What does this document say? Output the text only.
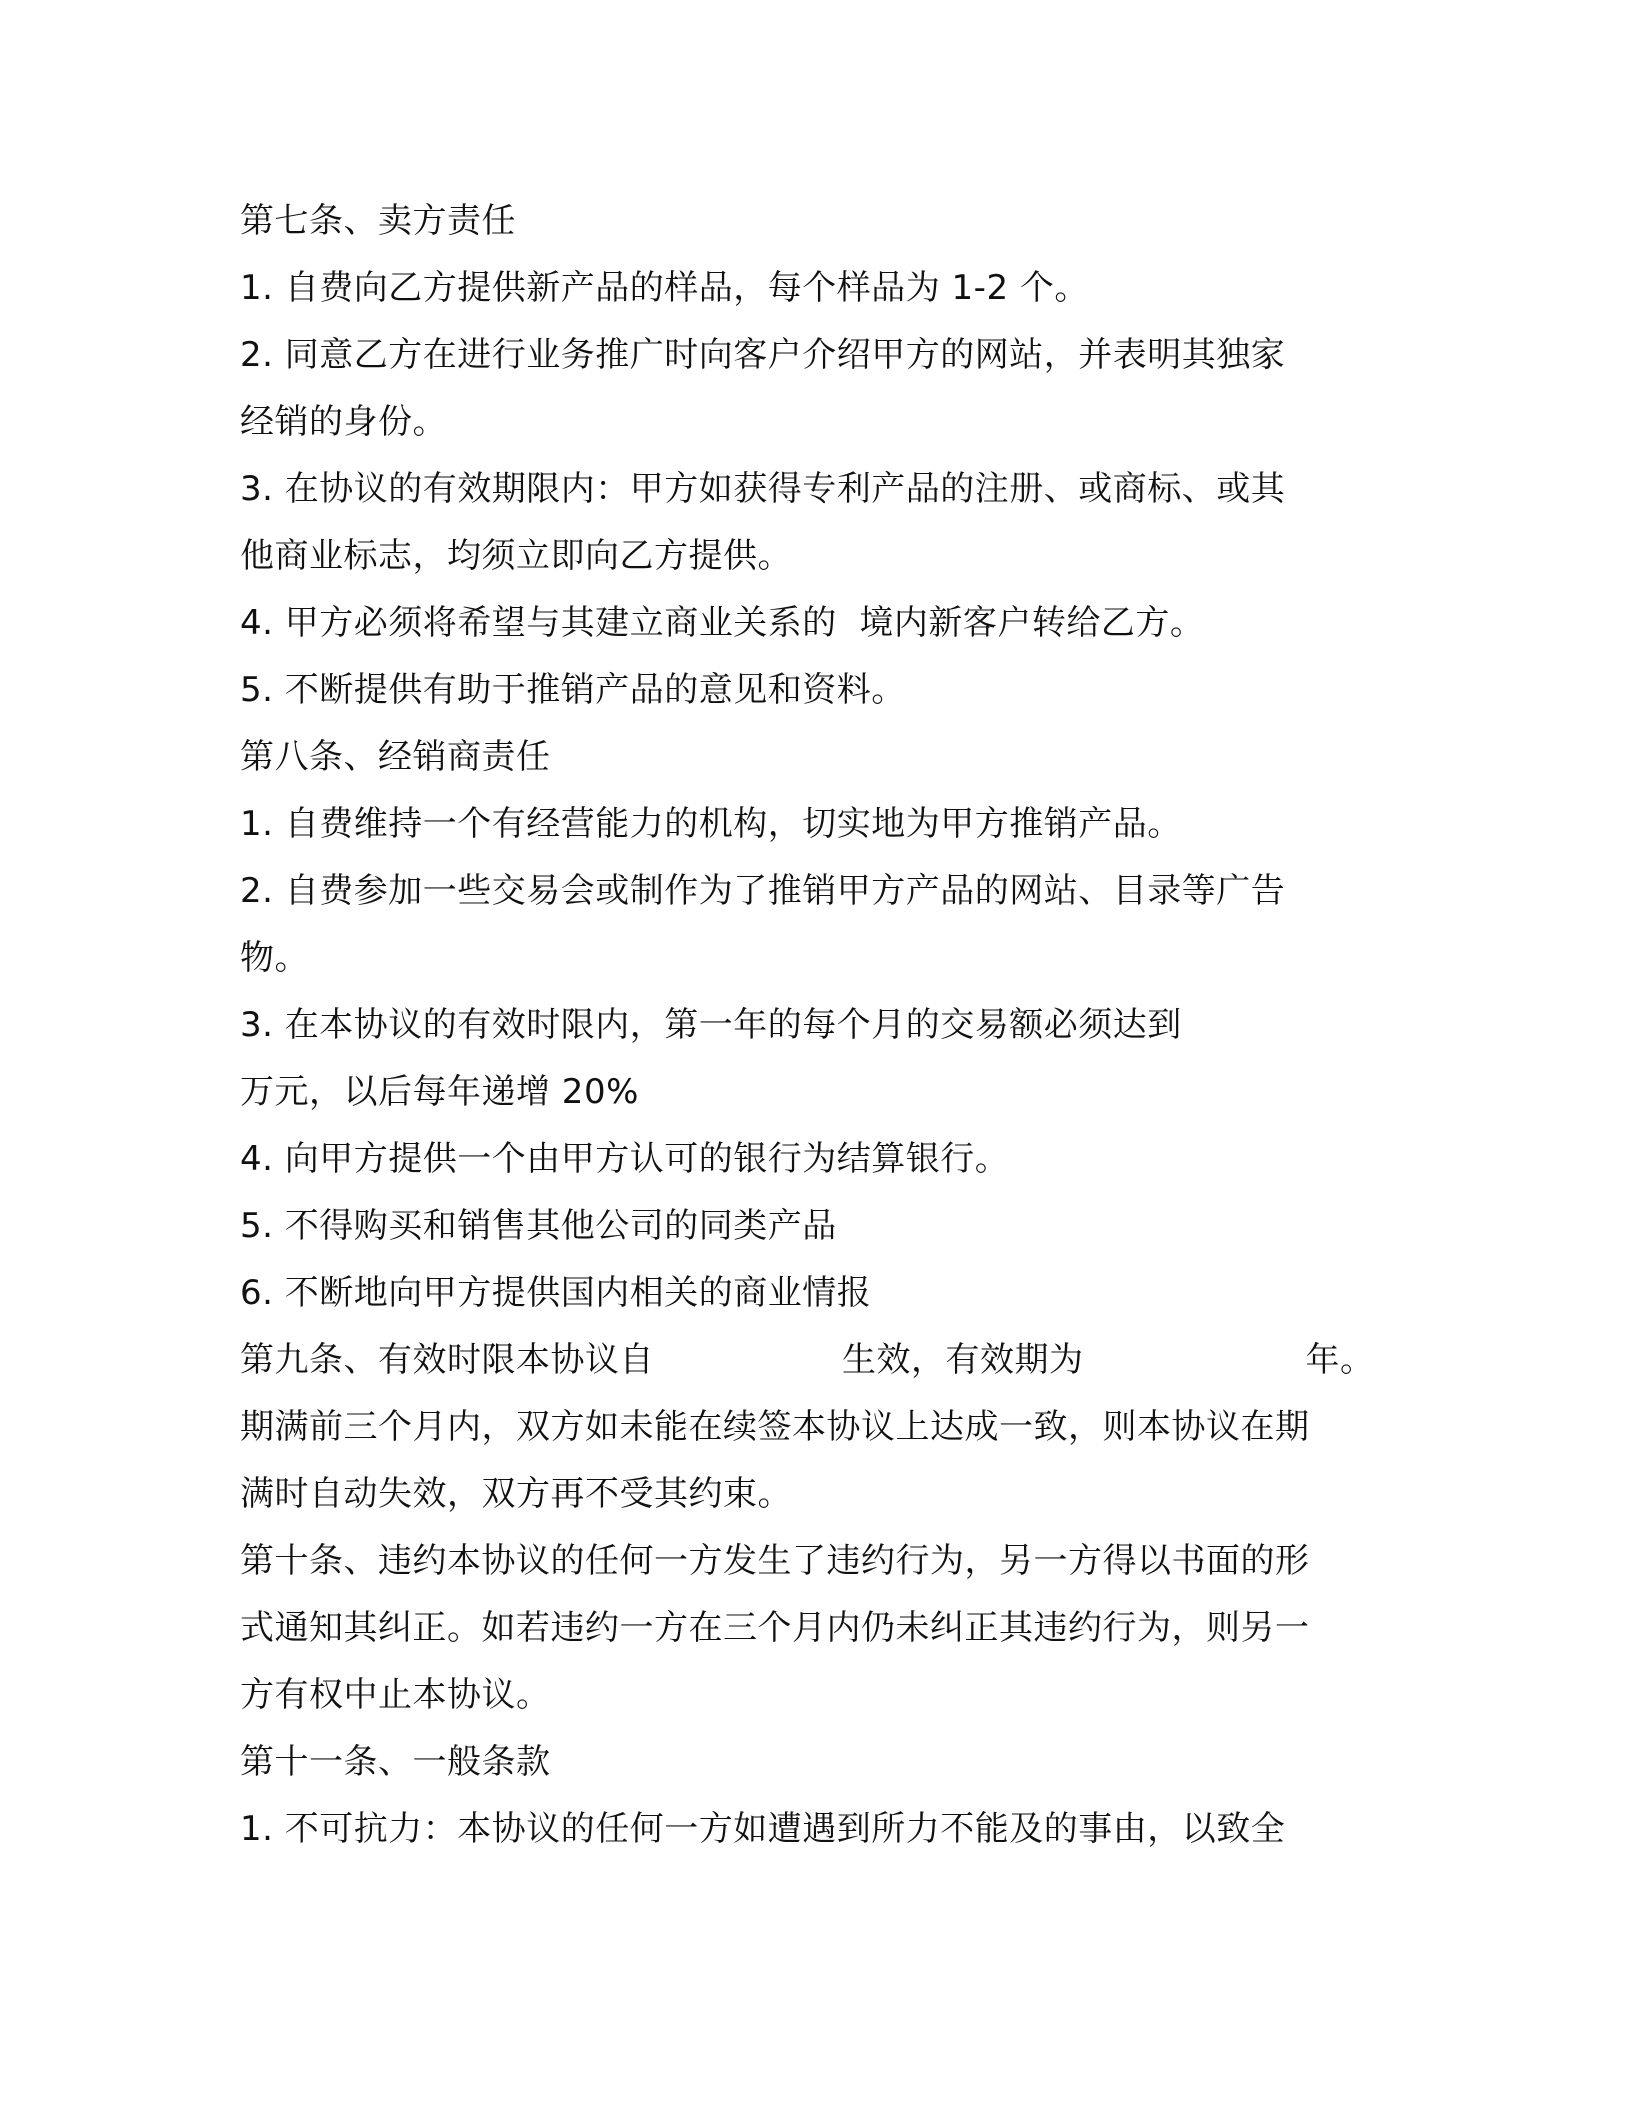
第七条、卖方责任
1. 自费向乙方提供新产品的样品，每个样品为 1-2 个。
2. 同意乙方在进行业务推广时向客户介绍甲方的网站，并表明其独家
经销的身份。
3. 在协议的有效期限内：甲方如获得专利产品的注册、或商标、或其
他商业标志，均须立即向乙方提供。
4. 甲方必须将希望与其建立商业关系的  境内新客户转给乙方。
5. 不断提供有助于推销产品的意见和资料。
第八条、经销商责任
1. 自费维持一个有经营能力的机构，切实地为甲方推销产品。
2. 自费参加一些交易会或制作为了推销甲方产品的网站、目录等广告
物。
3. 在本协议的有效时限内，第一年的每个月的交易额必须达到
万元，以后每年递增 20%
4. 向甲方提供一个由甲方认可的银行为结算银行。
5. 不得购买和销售其他公司的同类产品
6. 不断地向甲方提供国内相关的商业情报
第九条、有效时限本协议自	生效，有效期为	年。
期满前三个月内，双方如未能在续签本协议上达成一致，则本协议在期
满时自动失效，双方再不受其约束。
第十条、违约本协议的任何一方发生了违约行为，另一方得以书面的形
式通知其纠正。如若违约一方在三个月内仍未纠正其违约行为，则另一
方有权中止本协议。
第十一条、一般条款
1. 不可抗力：本协议的任何一方如遭遇到所力不能及的事由，以致全
